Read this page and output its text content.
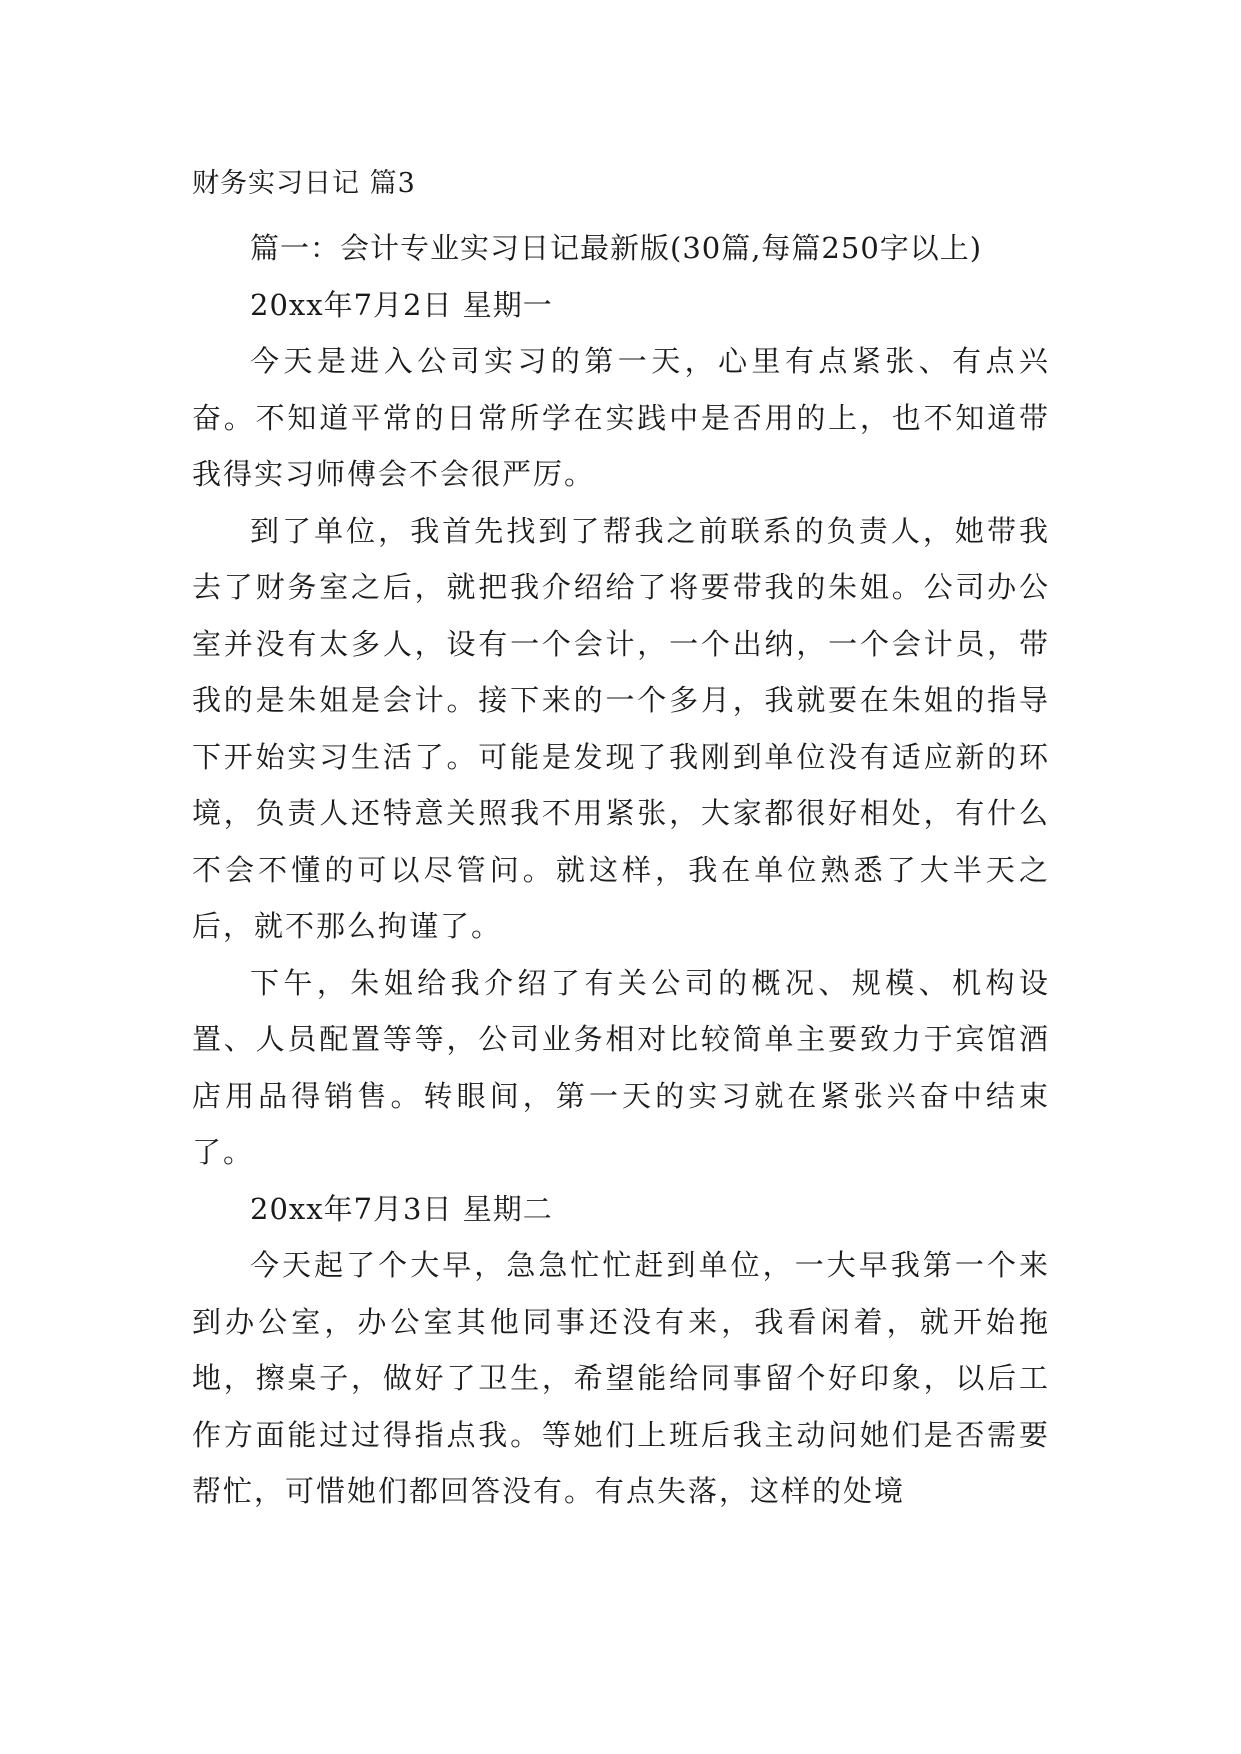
财务实习日记 篇3

篇一：会计专业实习日记最新版(30篇,每篇250字以上)

20xx年7月2日 星期一

今天是进入公司实习的第一天，心里有点紧张、有点兴奋。不知道平常的日常所学在实践中是否用的上，也不知道带我得实习师傅会不会很严厉。

到了单位，我首先找到了帮我之前联系的负责人，她带我去了财务室之后，就把我介绍给了将要带我的朱姐。公司办公室并没有太多人，设有一个会计，一个出纳，一个会计员，带我的是朱姐是会计。接下来的一个多月，我就要在朱姐的指导下开始实习生活了。可能是发现了我刚到单位没有适应新的环境，负责人还特意关照我不用紧张，大家都很好相处，有什么不会不懂的可以尽管问。就这样，我在单位熟悉了大半天之后，就不那么拘谨了。

下午，朱姐给我介绍了有关公司的概况、规模、机构设置、人员配置等等，公司业务相对比较简单主要致力于宾馆酒店用品得销售。转眼间，第一天的实习就在紧张兴奋中结束了。

20xx年7月3日 星期二

今天起了个大早，急急忙忙赶到单位，一大早我第一个来到办公室，办公室其他同事还没有来，我看闲着，就开始拖地，擦桌子，做好了卫生，希望能给同事留个好印象，以后工作方面能过过得指点我。等她们上班后我主动问她们是否需要帮忙，可惜她们都回答没有。有点失落，这样的处境
